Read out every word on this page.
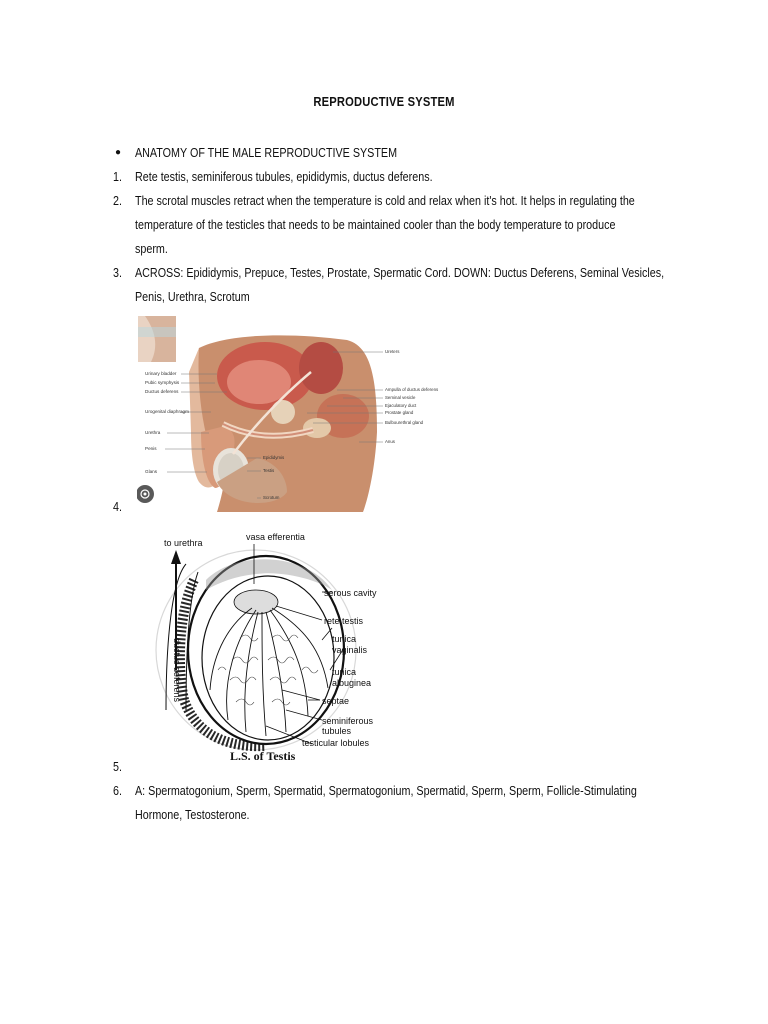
REPRODUCTIVE SYSTEM
● ANATOMY OF THE MALE REPRODUCTIVE SYSTEM
1. Rete testis, seminiferous tubules, epididymis, ductus deferens.
2. The scrotal muscles retract when the temperature is cold and relax when it's hot. It helps in regulating the
temperature of the testicles that needs to be maintained cooler than the body temperature to produce
sperm.
3. ACROSS: Epididymis, Prepuce, Testes, Prostate, Spermatic Cord. DOWN: Ductus Deferens, Seminal Vesicles,
Penis, Urethra, Scrotum
Urinary bladder
Pubic symphysis
Ductus deferens
Urogenital diaphragm
Urethra
Penis
Glans
Ureters
Ampulla of ductus deferens
Seminal vesicle
Ejaculatory duct
Prostate gland
Bulbourethral gland
Anus
Epididymis
Testis
Scrotum
4.
to urethra
vasa efferentia
ductus deferens
serous cavity
rete testis
tunica
vaginalis
tunica
albuginea
septae
seminiferous
tubules
testicular lobules
L.S. of Testis
5.
6. A: Spermatogonium, Sperm, Spermatid, Spermatogonium, Spermatid, Sperm, Sperm, Follicle-Stimulating
Hormone, Testosterone.
